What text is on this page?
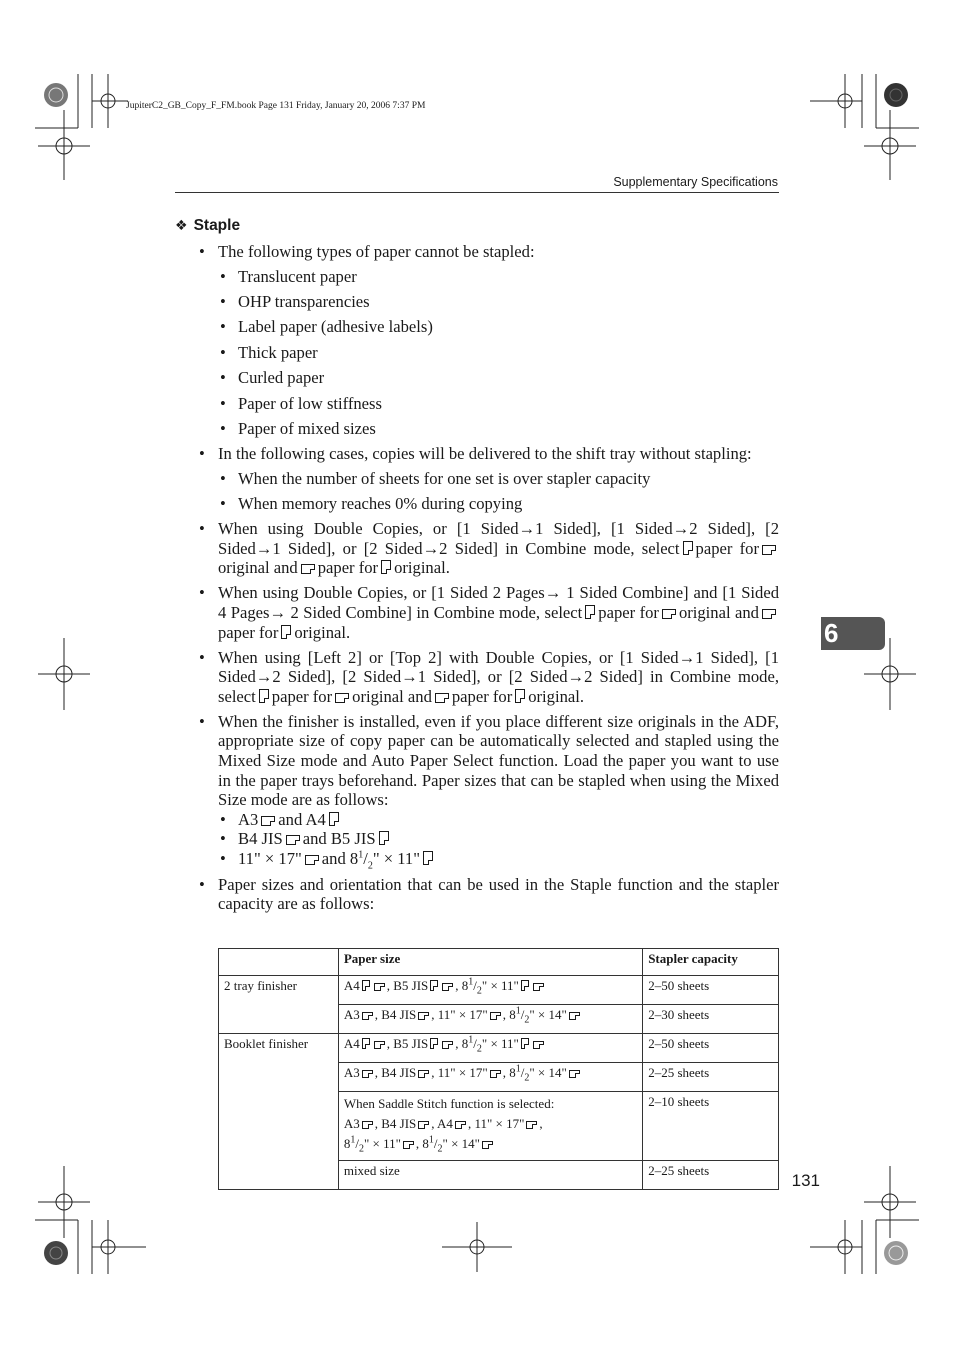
JupiterC2_GB_Copy_F_FM.book Page 131 Friday, January 20, 2006 7:37 PM
Supplementary Specifications
❖ Staple
• The following types of paper cannot be stapled:
• Translucent paper
• OHP transparencies
• Label paper (adhesive labels)
• Thick paper
• Curled paper
• Paper of low stiffness
• Paper of mixed sizes
• In the following cases, copies will be delivered to the shift tray without stapling:
• When the number of sheets for one set is over stapler capacity
• When memory reaches 0% during copying
• When using Double Copies, or [1 Sided→1 Sided], [1 Sided→2 Sided], [2 Sided→1 Sided], or [2 Sided→2 Sided] in Combine mode, select paper fororiginal and paper for original.
• When using Double Copies, or [1 Sided 2 Pages→ 1 Sided Combine] and [1 Sided 4 Pages→ 2 Sided Combine] in Combine mode, select paper for original andpaper for original.
• When using [Left 2] or [Top 2] with Double Copies, or [1 Sided→1 Sided], [1 Sided→2 Sided], [2 Sided→1 Sided], or [2 Sided→2 Sided] in Combine mode, select paper for original and paper for original.
• When the finisher is installed, even if you place different size originals in the ADF, appropriate size of copy paper can be automatically selected and stapled using the Mixed Size mode and Auto Paper Select function. Load the paper you want to use in the paper trays beforehand. Paper sizes that can be stapled when using the Mixed Size mode are as follows:
• A3 and A4
• B4 JIS and B5 JIS
• 11" × 17" and $8^1/_2$" × 11"
• Paper sizes and orientation that can be used in the Staple function and the stapler capacity are as follows:
	Paper size	Stapler capacity
2 tray finisher	A4 , B5 JIS , $8^1/_2$" × 11"	2–50 sheets
	A3 , B4 JIS , 11" × 17" , $8^1/_2$" × 14"	2–30 sheets
Booklet finisher	A4 , B5 JIS , $8^1/_2$" × 11"	2–50 sheets
	A3 , B4 JIS , 11" × 17" , $8^1/_2$" × 14"	2–25 sheets

	When Saddle Stitch function is selected:
A3 , B4 JIS , A4 , 11" × 17" ,
$8^1/_2$" × 11" , $8^1/_2$" × 14"	2–10 sheets
	mixed size	2–25 sheets
6
131
